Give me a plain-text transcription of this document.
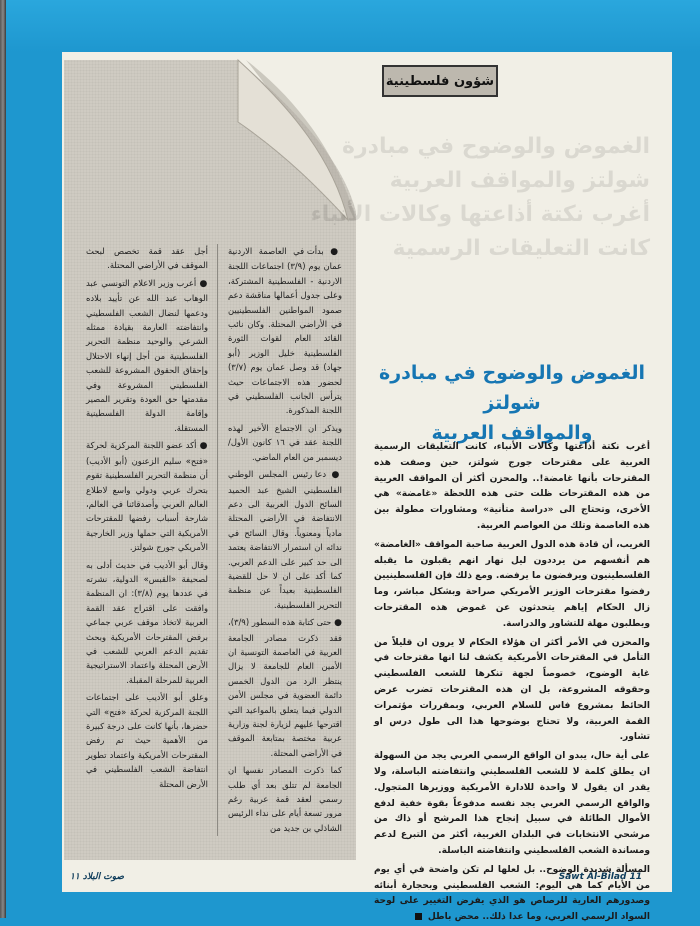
شؤون فلسطينية
الغموض والوضوح في مبادرة شولتز والمواقف العربية
أغرب نكتة أذاعتها وكالات الأنباء كانت التعليقات الرسمية
الغموض والوضوح في مبادرة شولتز
والمواقف العربية

أغرب نكتة أذاعتها وكالات الأنباء، كانت التعليقات الرسمية العربية على مقترحات جورج شولتز، حين وصفت هذه المقترحات بأنها غامضة!.. والمحزن أكثر أن المواقف العربية من هذه المقترحات ظلت حتى هذه اللحظة «غامضة» هي الأخرى، وتحتاج الى «دراسة متأنية» ومشاورات مطولة بين هذه العاصمة وتلك من العواصم العربية.

الغريب، أن قادة هذه الدول العربية صاحبة المواقف «الغامضة» هم أنفسهم من يرددون ليل نهار انهم يقبلون ما يقبله الفلسطينيون ويرفضون ما يرفضه. ومع ذلك فإن الفلسطينيين رفضوا مقترحات الوزير الأمريكي صراحة وبشكل مباشر، وما زال الحكام إياهم يتحدثون عن غموض هذه المقترحات ويطلبون مهلة للتشاور والدراسة.

والمحزن في الأمر أكثر ان هؤلاء الحكام لا يرون ان قليلاً من التأمل في المقترحات الأمريكية يكشف لنا انها مقترحات في غاية الوضوح، خصوصاً لجهة تنكرها للشعب الفلسطيني وحقوقه المشروعة، بل ان هذه المقترحات تضرب عرض الحائط بمشروع فاس للسلام العربي، وبمقررات مؤتمرات القمة العربية، ولا تحتاج بوضوحها هذا الى طول درس او تشاور.

على أية حال، يبدو ان الواقع الرسمي العربي يجد من السهولة ان يطلق كلمة لا للشعب الفلسطيني وانتفاضته الباسلة، ولا يقدر ان يقول لا واحدة للادارة الأمريكية ووزيرها المتجول. والواقع الرسمي العربي يجد نفسه مدفوعاً بقوة خفية لدفع الأموال الطائلة في سبيل إنجاح هذا المرشح أو ذاك من مرشحي الانتخابات في البلدان الغربية، أكثر من التبرع لدعم ومساندة الشعب الفلسطيني وانتفاضته الباسلة.

المسألة شديدة الوضوح.. بل لعلها لم تكن واضحة في أي يوم من الأيام كما هي اليوم: الشعب الفلسطيني وبحجارة أبنائه وصدورهم العارية للرصاص هو الذي يفرض التغيير على لوحة السواد الرسمي العربي، وما عدا ذلك.. محض باطل

● بدأت في العاصمة الاردنية عمان يوم (٣/٩) اجتماعات اللجنة الاردنية - الفلسطينية المشتركة، وعلى جدول أعمالها مناقشة دعم صمود المواطنين الفلسطينيين في الأراضي المحتلة. وكان نائب القائد العام لقوات الثورة الفلسطينية خليل الوزير (أبو جهاد) قد وصل عمان يوم (٣/٧) لحضور هذه الاجتماعات حيث يترأس الجانب الفلسطيني في اللجنة المذكورة.

ويذكر ان الاجتماع الأخير لهذه اللجنة عقد في ١٦ كانون الأول/ ديسمبر من العام الماضي.

● دعا رئيس المجلس الوطني الفلسطيني الشيخ عبد الحميد السائح الدول العربية الى دعم الانتفاضة في الأراضي المحتلة مادياً ومعنوياً. وقال السائح في ندائه ان استمرار الانتفاضة يعتمد الى حد كبير على الدعم العربي. كما أكد على ان لا حل للقضية الفلسطينية بعيداً عن منظمة التحرير الفلسطينية.

● حتى كتابة هذه السطور (٣/٩)، فقد ذكرت مصادر الجامعة العربية في العاصمة التونسية ان الأمين العام للجامعة لا يزال ينتظر الرد من الدول الخمس دائمة العضوية في مجلس الأمن الدولي فيما يتعلق بالمواعيد التي اقترحها عليهم لزيارة لجنة وزارية عربية مختصة بمتابعة الموقف في الأراضي المحتلة.

كما ذكرت المصادر نفسها ان الجامعة لم تتلق بعد أي طلب رسمي لعقد قمة عربية رغم مرور تسعة أيام على نداء الرئيس الشاذلي بن جديد من

أجل عقد قمة تخصص لبحث الموقف في الأراضي المحتلة.

● أعرب وزير الاعلام التونسي عبد الوهاب عبد الله عن تأييد بلاده ودعمها لنضال الشعب الفلسطيني وانتفاضته العارمة بقيادة ممثله الشرعي والوحيد منظمة التحرير الفلسطينية من أجل إنهاء الاحتلال وإحقاق الحقوق المشروعة للشعب الفلسطيني المشروعة وفي مقدمتها حق العودة وتقرير المصير وإقامة الدولة الفلسطينية المستقلة.

● أكد عضو اللجنة المركزية لحركة «فتح» سليم الزعنون (أبو الأديب) أن منظمة التحرير الفلسطينية تقوم بتحرك عربي ودولي واسع لاطلاع العالم العربي وأصدقائنا في العالم، شارحة أسباب رفضها للمقترحات الأمريكية التي حملها وزير الخارجية الأمريكي جورج شولتز.

وقال أبو الأديب في حديث أدلى به لصحيفة «القبس» الدولية، نشرته في عددها يوم (٣/٨): ان المنظمة وافقت على اقتراح عقد القمة العربية لاتخاذ موقف عربي جماعي برفض المقترحات الأمريكية وبحث تقديم الدعم العربي للشعب في الأرض المحتلة واعتماد الاستراتيجية العربية للمرحلة المقبلة.

وعلق أبو الأديب على اجتماعات اللجنة المركزية لحركة «فتح» التي حضرها، بأنها كانت على درجة كبيرة من الأهمية حيث تم رفض المقترحات الأمريكية واعتماد تطوير انتفاضة الشعب الفلسطيني في الأرض المحتلة

صوت البلاد ١١	Sawt Al-Bilad 11
